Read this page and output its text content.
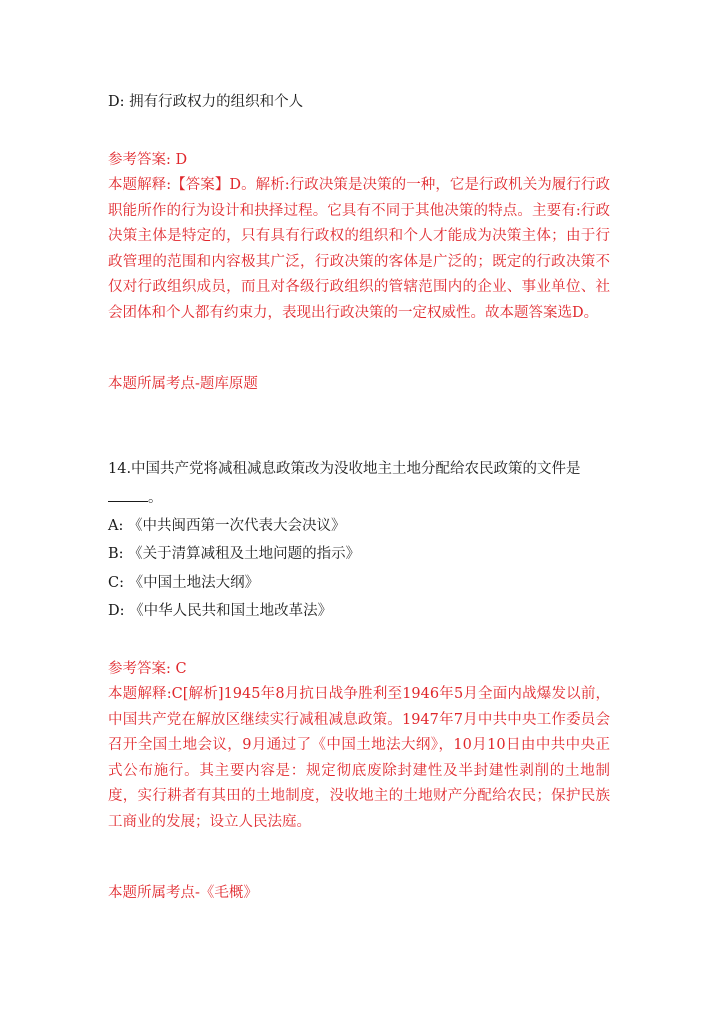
D: 拥有行政权力的组织和个人
参考答案: D
本题解释:【答案】D。解析:行政决策是决策的一种，它是行政机关为履行行政职能所作的行为设计和抉择过程。它具有不同于其他决策的特点。主要有:行政决策主体是特定的，只有具有行政权的组织和个人才能成为决策主体；由于行政管理的范围和内容极其广泛，行政决策的客体是广泛的；既定的行政决策不仅对行政组织成员，而且对各级行政组织的管辖范围内的企业、事业单位、社会团体和个人都有约束力，表现出行政决策的一定权威性。故本题答案选D。
本题所属考点-题库原题
14.中国共产党将减租减息政策改为没收地主土地分配给农民政策的文件是
。
A: 《中共闽西第一次代表大会决议》
B: 《关于清算减租及土地问题的指示》
C: 《中国土地法大纲》
D: 《中华人民共和国土地改革法》
参考答案: C
本题解释:C[解析]1945年8月抗日战争胜利至1946年5月全面内战爆发以前，中国共产党在解放区继续实行减租减息政策。1947年7月中共中央工作委员会召开全国土地会议，9月通过了《中国土地法大纲》，10月10日由中共中央正式公布施行。其主要内容是：规定彻底废除封建性及半封建性剥削的土地制度，实行耕者有其田的土地制度，没收地主的土地财产分配给农民；保护民族工商业的发展；设立人民法庭。
本题所属考点-《毛概》
